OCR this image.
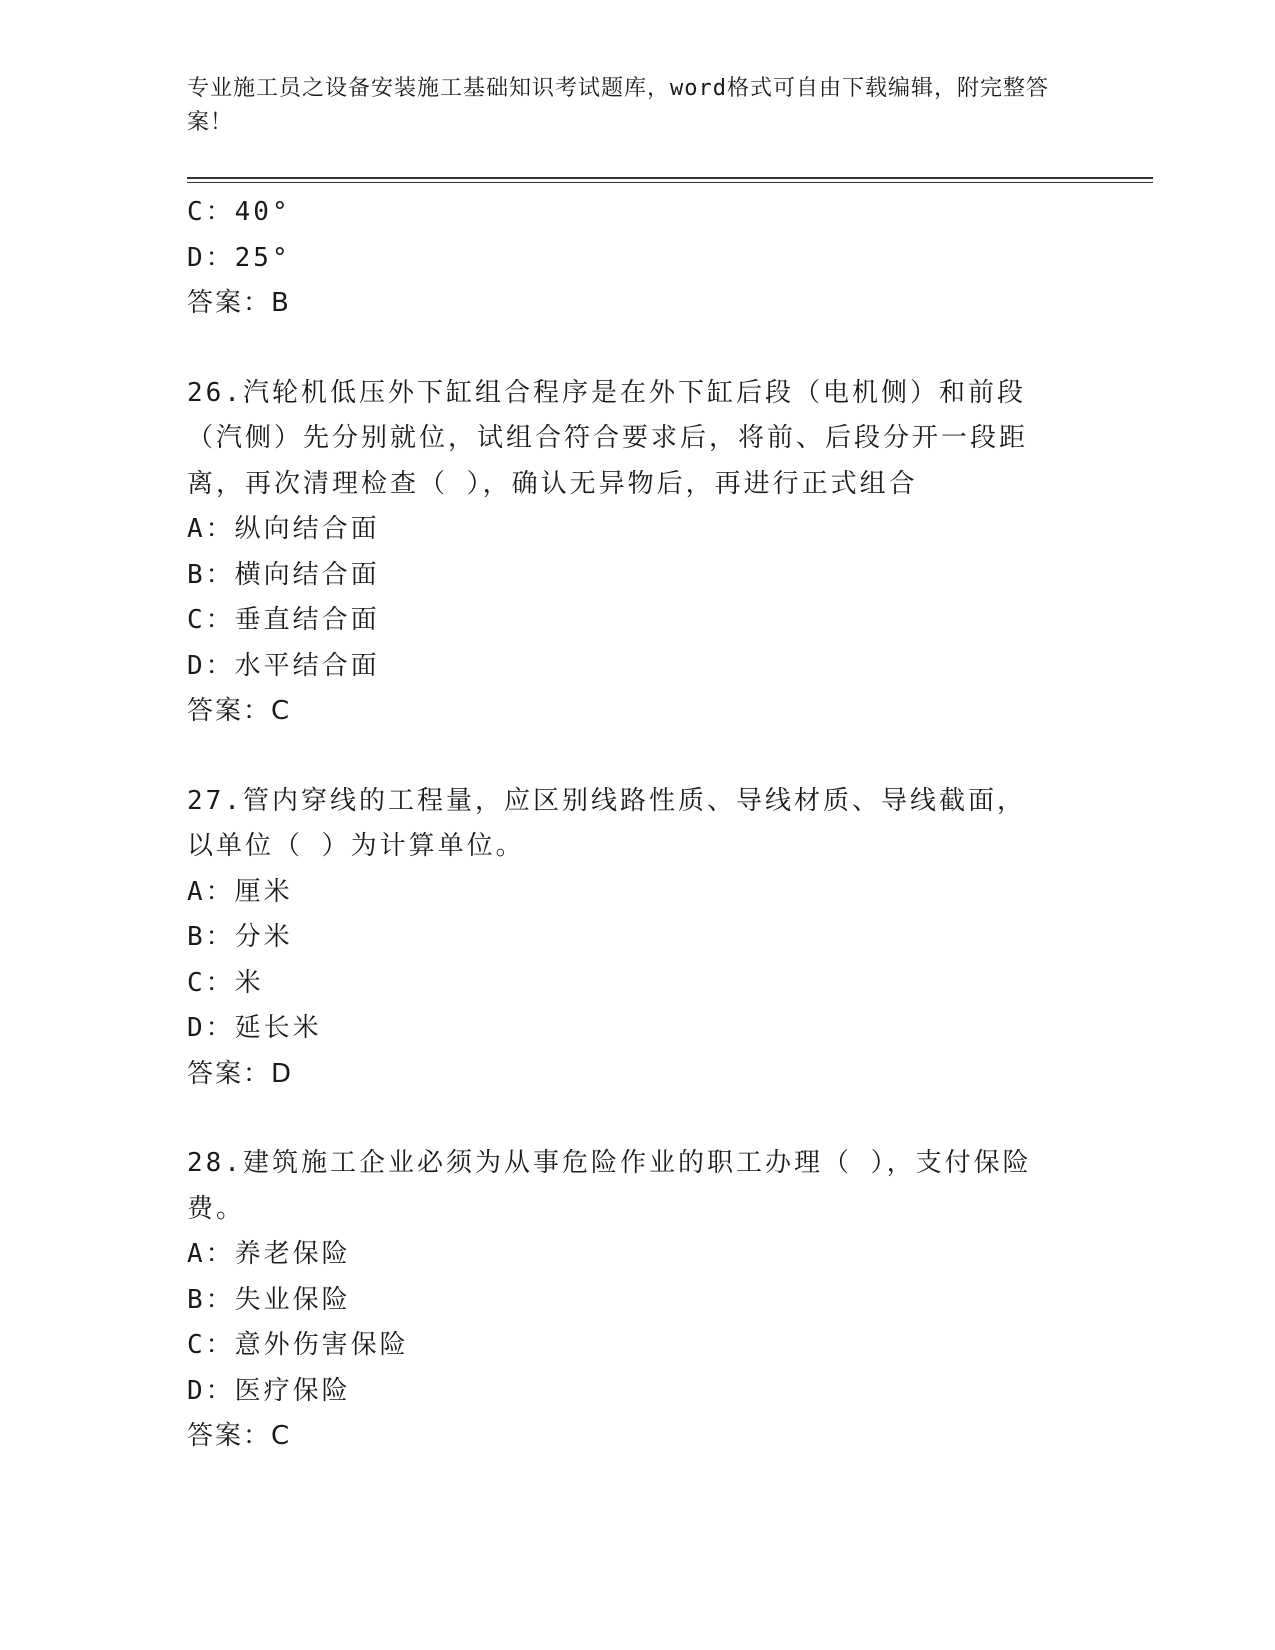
专业施工员之设备安装施工基础知识考试题库，word格式可自由下载编辑，附完整答案！
C：40°
D：25°
答案：B
26.汽轮机低压外下缸组合程序是在外下缸后段（电机侧）和前段（汽侧）先分别就位，试组合符合要求后，将前、后段分开一段距离，再次清理检查（ ），确认无异物后，再进行正式组合
A：纵向结合面
B：横向结合面
C：垂直结合面
D：水平结合面
答案：C
27.管内穿线的工程量，应区别线路性质、导线材质、导线截面，以单位（ ）为计算单位。
A：厘米
B：分米
C：米
D：延长米
答案：D
28.建筑施工企业必须为从事危险作业的职工办理（ ），支付保险费。
A：养老保险
B：失业保险
C：意外伤害保险
D：医疗保险
答案：C
